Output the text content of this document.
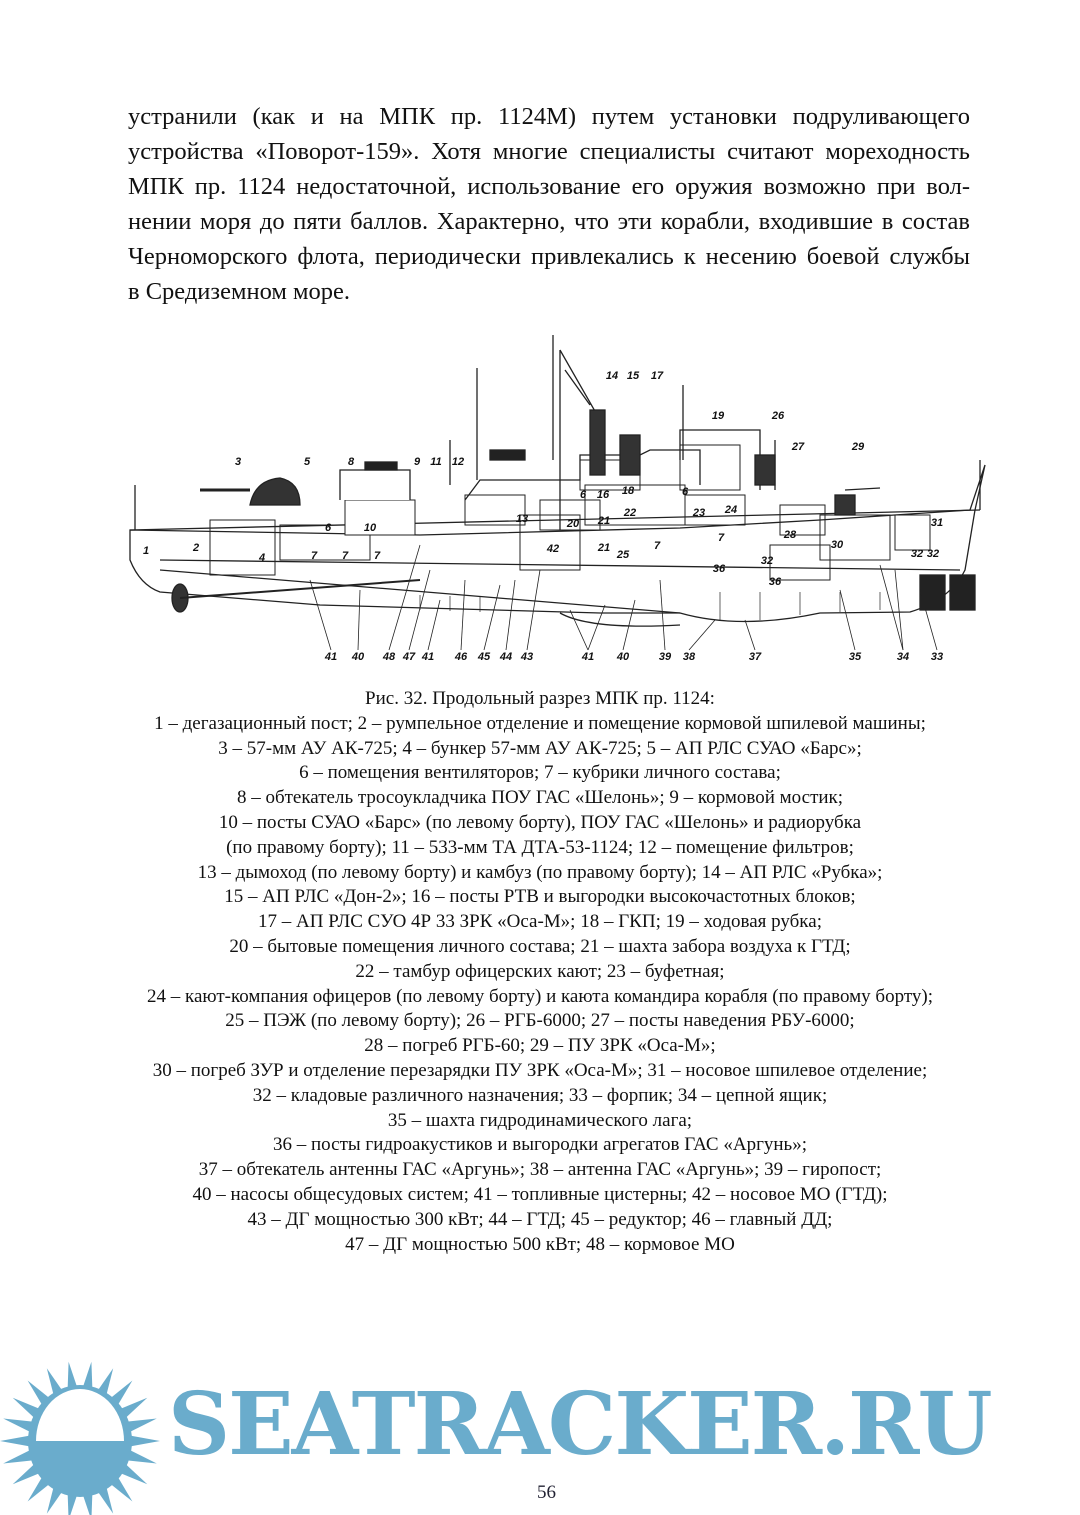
устранили (как и на МПК пр. 1124М) путем установки подруливающего
устройства «Поворот-159». Хотя многие специалисты считают мореходность
МПК пр. 1124 недостаточной, использование его оружия возможно при вол-
нении моря до пяти баллов. Характерно, что эти корабли, входившие в состав
Черноморского флота, периодически привлекались к несению боевой службы
в Средиземном море.
3	5	8	9 11 12
14 15 17
19	26
27	29
41 40 48 47 41 46 45 44 43	41 40	39 38	37	35	34 33
1	2
4	7 7 7
6	10
13	20 21
22
6 16 18	6
23 24
21
25
42	7
7	28
30
31
32 32
32
36
36
Рис. 32. Продольный разрез МПК пр. 1124:
1 – дегазационный пост; 2 – румпельное отделение и помещение кормовой шпилевой машины;
3 – 57-мм АУ АК-725; 4 – бункер 57-мм АУ АК-725; 5 – АП РЛС СУАО «Барс»;
6 – помещения вентиляторов; 7 – кубрики личного состава;
8 – обтекатель тросоукладчика ПОУ ГАС «Шелонь»; 9 – кормовой мостик;
10 – посты СУАО «Барс» (по левому борту), ПОУ ГАС «Шелонь» и радиорубка
(по правому борту); 11 – 533-мм ТА ДТА-53-1124; 12 – помещение фильтров;
13 – дымоход (по левому борту) и камбуз (по правому борту); 14 – АП РЛС «Рубка»;
15 – АП РЛС «Дон-2»; 16 – посты РТВ и выгородки высокочастотных блоков;
17 – АП РЛС СУО 4Р 33 ЗРК «Оса-М»; 18 – ГКП; 19 – ходовая рубка;
20 – бытовые помещения личного состава; 21 – шахта забора воздуха к ГТД;
22 – тамбур офицерских кают; 23 – буфетная;
24 – кают-компания офицеров (по левому борту) и каюта командира корабля (по правому борту);
25 – ПЭЖ (по левому борту); 26 – РГБ-6000; 27 – посты наведения РБУ-6000;
28 – погреб РГБ-60; 29 – ПУ ЗРК «Оса-М»;
30 – погреб ЗУР и отделение перезарядки ПУ ЗРК «Оса-М»; 31 – носовое шпилевое отделение;
32 – кладовые различного назначения; 33 – форпик; 34 – цепной ящик;
35 – шахта гидродинамического лага;
36 – посты гидроакустиков и выгородки агрегатов ГАС «Аргунь»;
37 – обтекатель антенны ГАС «Аргунь»; 38 – антенна ГАС «Аргунь»; 39 – гиропост;
40 – насосы общесудовых систем; 41 – топливные цистерны; 42 – носовое МО (ГТД);
43 – ДГ мощностью 300 кВт; 44 – ГТД; 45 – редуктор; 46 – главный ДД;
47 – ДГ мощностью 500 кВт; 48 – кормовое МО
SEATRACKER.RU
56
